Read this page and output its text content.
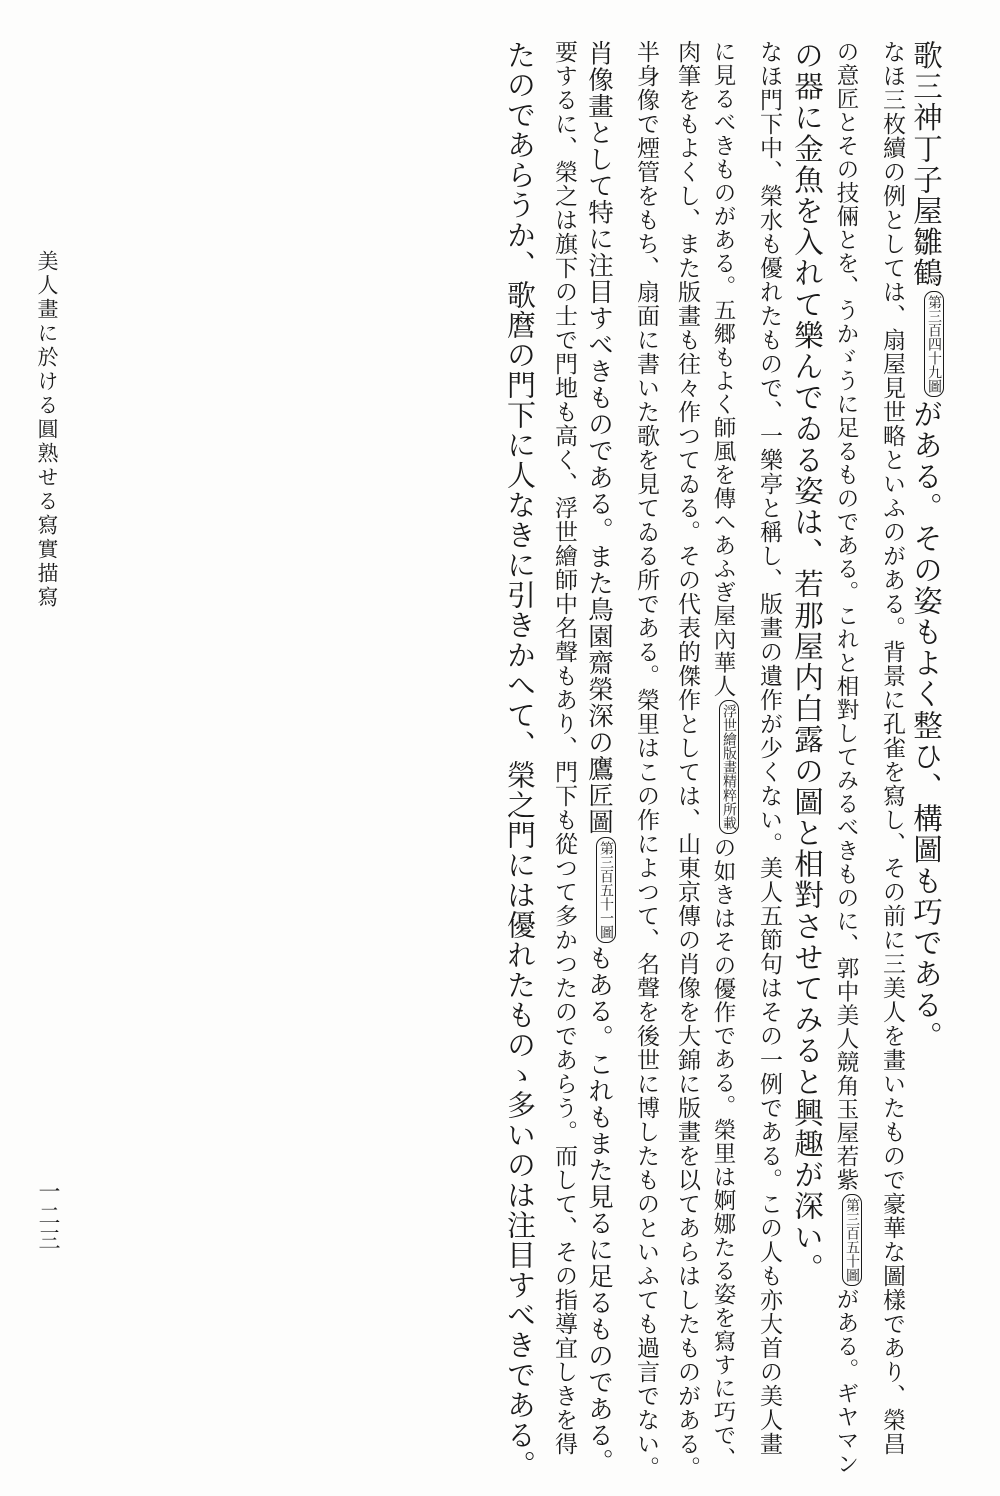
歌三神丁子屋雛鶴第三百四十九圖がある。その姿もよく整ひ、構圖も巧である。
なほ三枚續の例としては、扇屋見世略といふのがある。背景に孔雀を寫し、その前に三美人を畫いたもので豪華な圖樣であり、榮昌
の意匠とその技倆とを、うかゞうに足るものである。これと相對してみるべきものに、郭中美人競角玉屋若紫第三百五十圖がある。ギヤマン
の器に金魚を入れて樂んでゐる姿は、若那屋内白露の圖と相對させてみると興趣が深い。
なほ門下中、榮水も優れたもので、一樂亭と稱し、版畫の遺作が少くない。美人五節句はその一例である。この人も亦大首の美人畫
に見るべきものがある。五郷もよく師風を傳へあふぎ屋內華人浮世繪版畫精粹所載の如きはその優作である。榮里は婀娜たる姿を寫すに巧で、
肉筆をもよくし、また版畫も往々作つてゐる。その代表的傑作としては、山東京傳の肖像を大錦に版畫を以てあらはしたものがある。
半身像で煙管をもち、扇面に書いた歌を見てゐる所である。榮里はこの作によつて、名聲を後世に博したものといふても過言でない。
肖像畫として特に注目すべきものである。また鳥園齋榮深の鷹匠圖第三百五十一圖もある。これもまた見るに足るものである。
要するに、榮之は旗下の士で門地も高く、浮世繪師中名聲もあり、門下も從つて多かつたのであらう。而して、その指導宜しきを得
たのであらうか、歌麿の門下に人なきに引きかへて、榮之門には優れたものゝ多いのは注目すべきである。
美人畫に於ける圓熟せる寫實描寫
一二三
